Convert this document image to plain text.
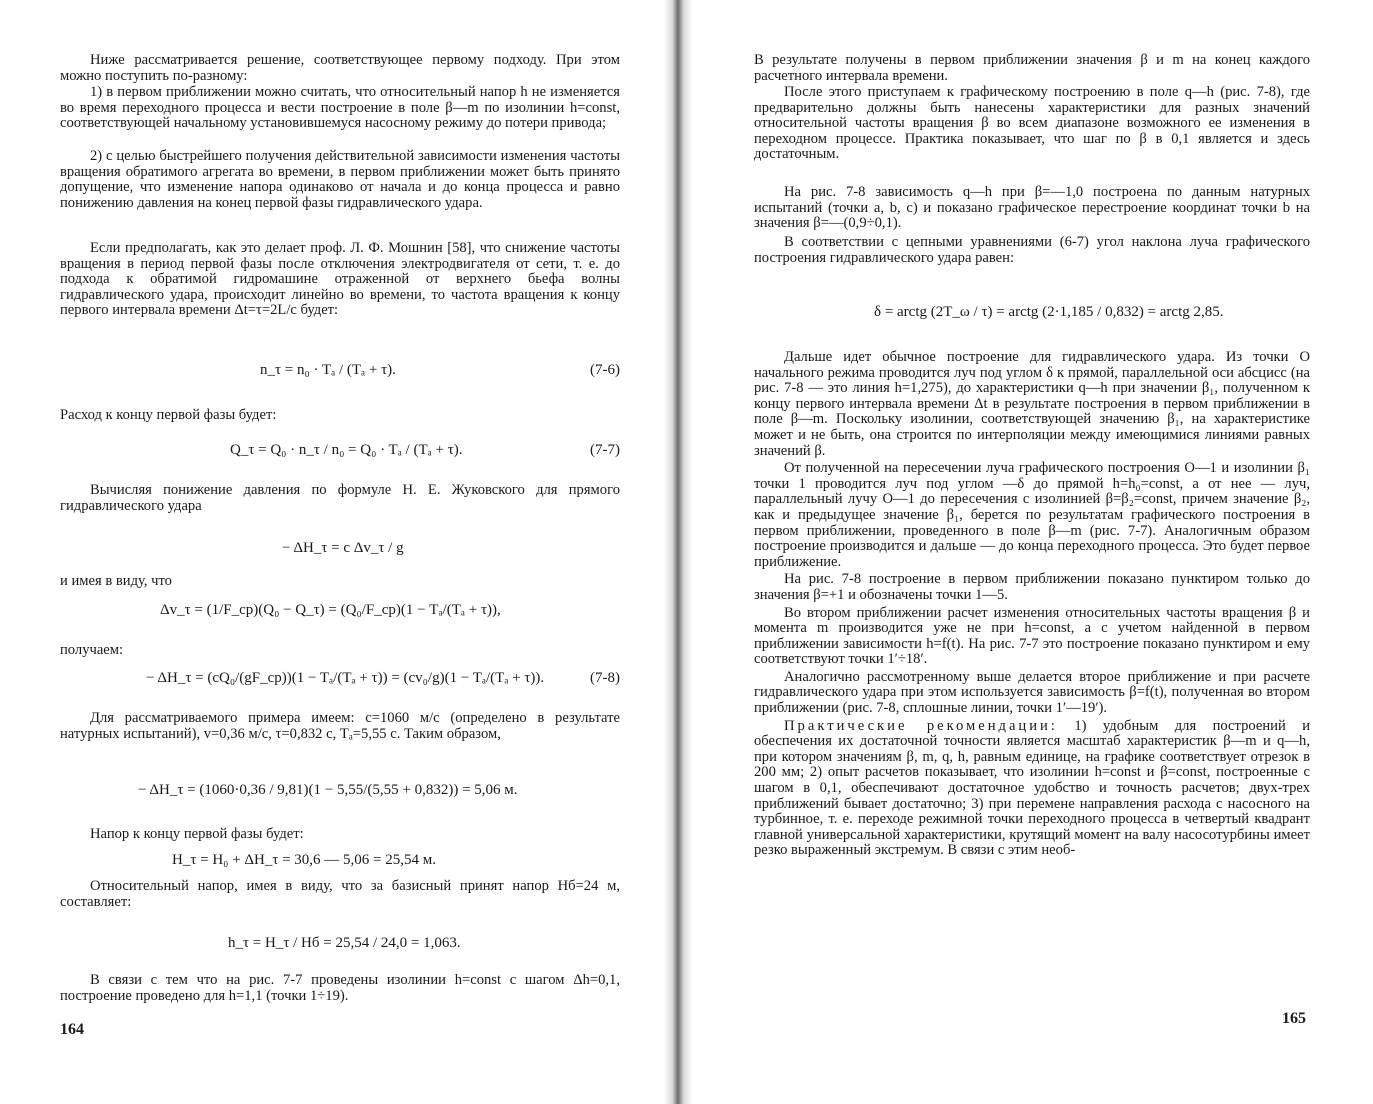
Ниже рассматривается решение, соответствующее первому подходу. При этом можно поступить по-разному:
1) в первом приближении можно считать, что относительный напор h не изменяется во время переходного процесса и вести построение в поле β—m по изолинии h=const, соответствующей начальному установившемуся насосному режиму до потери привода;
2) с целью быстрейшего получения действительной зависимости изменения частоты вращения обратимого агрегата во времени, в первом приближении может быть принято допущение, что изменение напора одинаково от начала и до конца процесса и равно понижению давления на конец первой фазы гидравлического удара.
Если предполагать, как это делает проф. Л. Ф. Мошнин [58], что снижение частоты вращения в период первой фазы после отключения электродвигателя от сети, т. е. до подхода к обратимой гидромашине отраженной от верхнего бьефа волны гидравлического удара, происходит линейно во времени, то частота вращения к концу первого интервала времени Δt=τ=2L/c будет:
n_τ = n₀ · Tₐ / (Tₐ + τ).	(7-6)
Расход к концу первой фазы будет:
Q_τ = Q₀ · n_τ / n₀ = Q₀ · Tₐ / (Tₐ + τ).	(7-7)
Вычисляя понижение давления по формуле Н. Е. Жуковского для прямого гидравлического удара
− ΔH_τ = c Δv_τ / g
и имея в виду, что
Δv_τ = (1/F_ср)(Q₀ − Q_τ) = (Q₀/F_ср)(1 − Tₐ/(Tₐ + τ)),
получаем:
− ΔH_τ = (cQ₀/(gF_ср))(1 − Tₐ/(Tₐ + τ)) = (cv₀/g)(1 − Tₐ/(Tₐ + τ)).	(7-8)
Для рассматриваемого примера имеем: c=1060 м/с (определено в результате натурных испытаний), v=0,36 м/с, τ=0,832 с, Tₐ=5,55 с. Таким образом,
− ΔH_τ = (1060·0,36 / 9,81)(1 − 5,55/(5,55 + 0,832)) = 5,06 м.
Напор к концу первой фазы будет:
H_τ = H₀ + ΔH_τ = 30,6 — 5,06 = 25,54 м.
Относительный напор, имея в виду, что за базисный принят напор Hб=24 м, составляет:
h_τ = H_τ / Hб = 25,54 / 24,0 = 1,063.
В связи с тем что на рис. 7-7 проведены изолинии h=const с шагом Δh=0,1, построение проведено для h=1,1 (точки 1÷19).
164
В результате получены в первом приближении значения β и m на конец каждого расчетного интервала времени.
После этого приступаем к графическому построению в поле q—h (рис. 7-8), где предварительно должны быть нанесены характеристики для разных значений относительной частоты вращения β во всем диапазоне возможного ее изменения в переходном процессе. Практика показывает, что шаг по β в 0,1 является и здесь достаточным.
На рис. 7-8 зависимость q—h при β=—1,0 построена по данным натурных испытаний (точки a, b, c) и показано графическое перестроение координат точки b на значения β=—(0,9÷0,1).
В соответствии с цепными уравнениями (6-7) угол наклона луча графического построения гидравлического удара равен:
δ = arctg (2T_ω / τ) = arctg (2·1,185 / 0,832) = arctg 2,85.
Дальше идет обычное построение для гидравлического удара. Из точки O начального режима проводится луч под углом δ к прямой, параллельной оси абсцисс (на рис. 7-8 — это линия h=1,275), до характеристики q—h при значении β₁, полученном к концу первого интервала времени Δt в результате построения в первом приближении в поле β—m. Поскольку изолинии, соответствующей значению β₁, на характеристике может и не быть, она строится по интерполяции между имеющимися линиями равных значений β.
От полученной на пересечении луча графического построения O—1 и изолинии β₁ точки 1 проводится луч под углом —δ до прямой h=h₀=const, а от нее — луч, параллельный лучу O—1 до пересечения с изолинией β=β₂=const, причем значение β₂, как и предыдущее значение β₁, берется по результатам графического построения в первом приближении, проведенного в поле β—m (рис. 7-7). Аналогичным образом построение производится и дальше — до конца переходного процесса. Это будет первое приближение.
На рис. 7-8 построение в первом приближении показано пунктиром только до значения β=+1 и обозначены точки 1—5.
Во втором приближении расчет изменения относительных частоты вращения β и момента m производится уже не при h=const, а с учетом найденной в первом приближении зависимости h=f(t). На рис. 7-7 это построение показано пунктиром и ему соответствуют точки 1′÷18′.
Аналогично рассмотренному выше делается второе приближение и при расчете гидравлического удара при этом используется зависимость β=f(t), полученная во втором приближении (рис. 7-8, сплошные линии, точки 1′—19′).
Практические рекомендации: 1) удобным для построений и обеспечения их достаточной точности является масштаб характеристик β—m и q—h, при котором значениям β, m, q, h, равным единице, на графике соответствует отрезок в 200 мм; 2) опыт расчетов показывает, что изолинии h=const и β=const, построенные с шагом в 0,1, обеспечивают достаточное удобство и точность расчетов; двух-трех приближений бывает достаточно; 3) при перемене направления расхода с насосного на турбинное, т. е. переходе режимной точки переходного процесса в четвертый квадрант главной универсальной характеристики, крутящий момент на валу насосотурбины имеет резко выраженный экстремум. В связи с этим необ-
165
